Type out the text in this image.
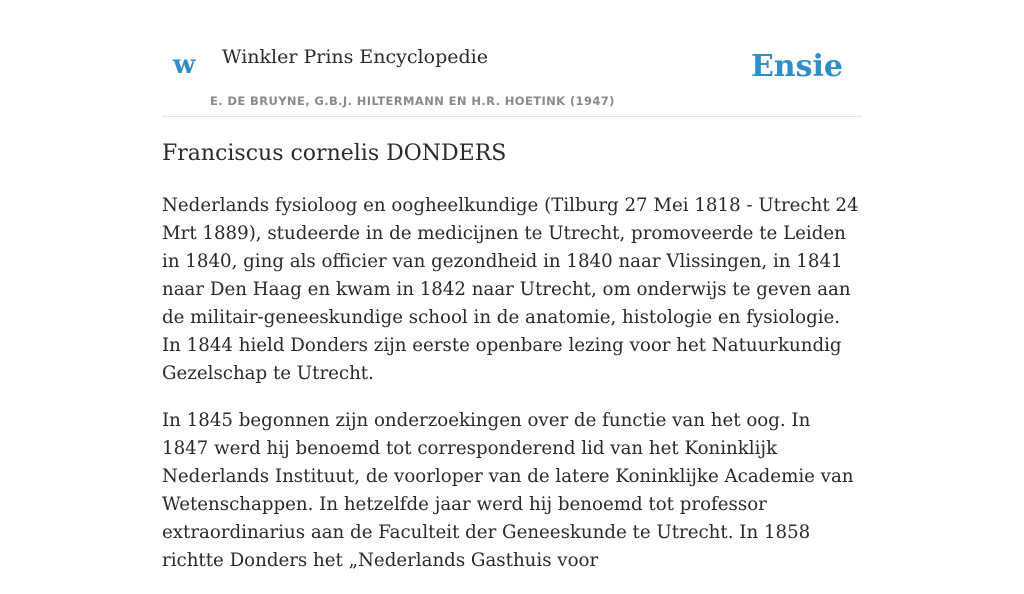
w Winkler Prins Encyclopedie
E. DE BRUYNE, G.B.J. HILTERMANN EN H.R. HOETINK (1947)
Ensie
Franciscus cornelis DONDERS

Nederlands fysioloog en oogheelkundige (Tilburg 27 Mei 1818 - Utrecht 24 Mrt 1889), studeerde in de medicijnen te Utrecht, promoveerde te Leiden in 1840, ging als officier van gezondheid in 1840 naar Vlissingen, in 1841 naar Den Haag en kwam in 1842 naar Utrecht, om onderwijs te geven aan de militair-geneeskundige school in de anatomie, histologie en fysiologie. In 1844 hield Donders zijn eerste openbare lezing voor het Natuurkundig Gezelschap te Utrecht.

In 1845 begonnen zijn onderzoekingen over de functie van het oog. In 1847 werd hij benoemd tot corresponderend lid van het Koninklijk Nederlands Instituut, de voorloper van de latere Koninklijke Academie van Wetenschappen. In hetzelfde jaar werd hij benoemd tot professor extraordinarius aan de Faculteit der Geneeskunde te Utrecht. In 1858 richtte Donders het „Nederlands Gasthuis voor
